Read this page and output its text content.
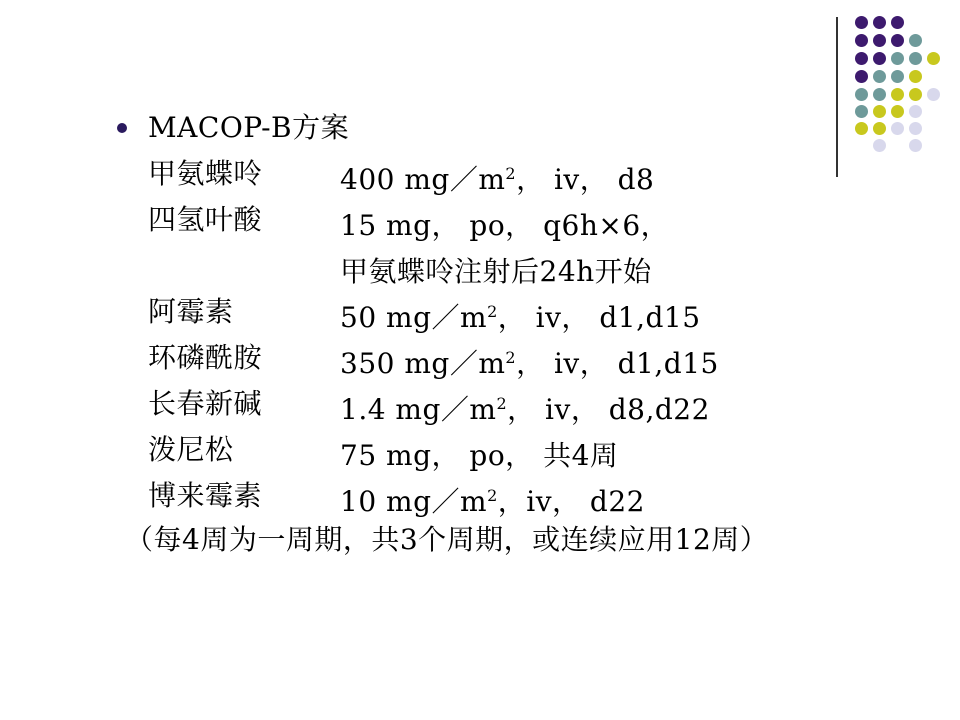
MACOP-B方案
甲氨蝶呤	400 $mg/m^2$， iv， d8
四氢叶酸	15 mg， po， q6h×6，
甲氨蝶呤注射后24h开始
阿霉素	50 $mg/m^2$， iv， d1,d15
环磷酰胺	350 $mg/m^2$， iv， d1,d15
长春新碱	1.4 $mg/m^2$， iv， d8,d22
泼尼松	75 mg， po， 共4周
博来霉素	10 $mg/m^2$，iv， d22
（每4周为一周期，共3个周期，或连续应用12周）
